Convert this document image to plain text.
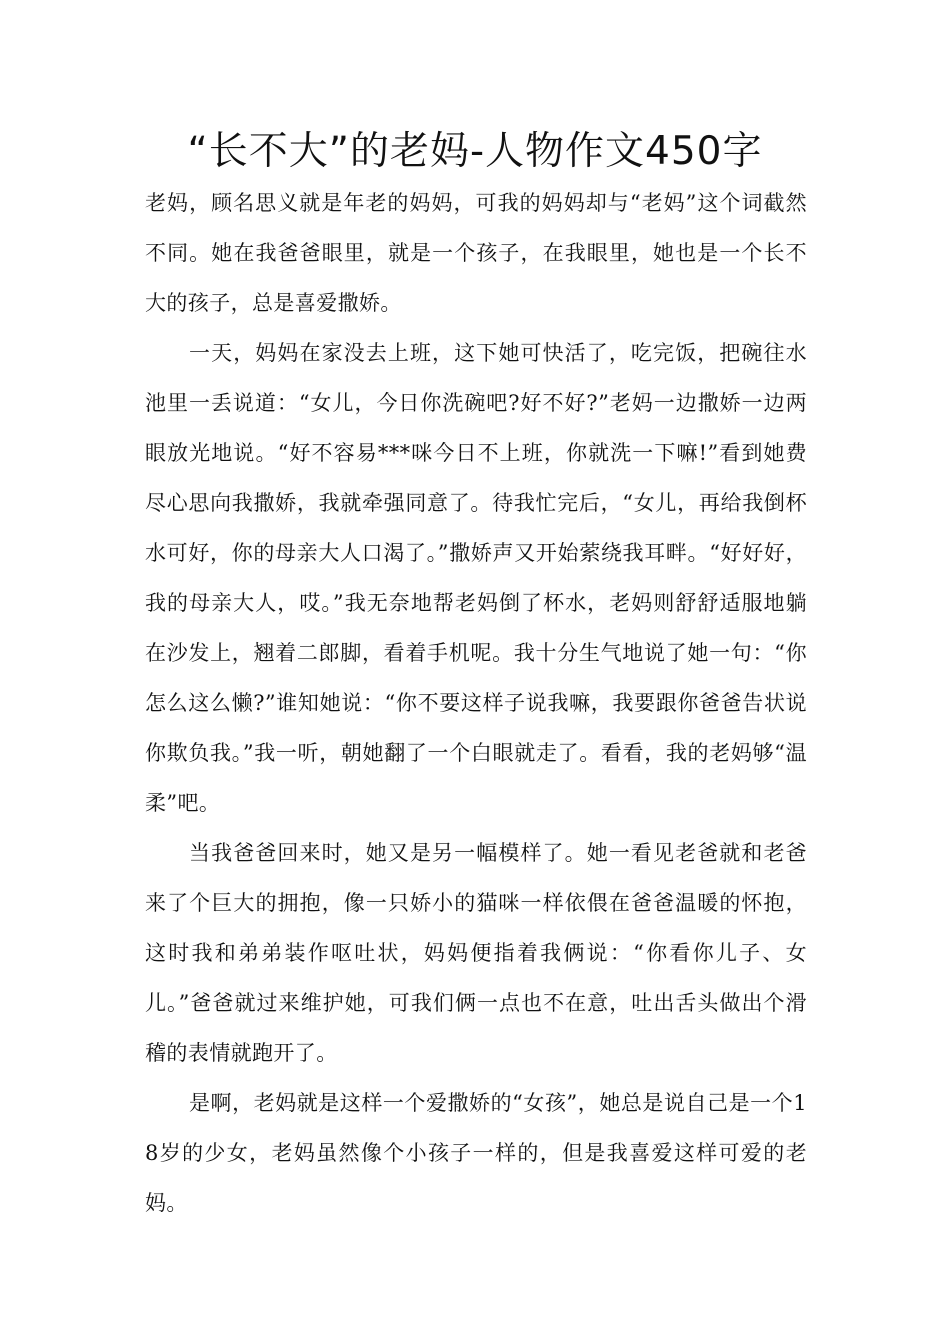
“长不大”的老妈-人物作文450字

老妈，顾名思义就是年老的妈妈，可我的妈妈却与“老妈”这个词截然不同。她在我爸爸眼里，就是一个孩子，在我眼里，她也是一个长不大的孩子，总是喜爱撒娇。

一天，妈妈在家没去上班，这下她可快活了，吃完饭，把碗往水池里一丢说道：“女儿，今日你洗碗吧?好不好?”老妈一边撒娇一边两眼放光地说。“好不容易***咪今日不上班，你就洗一下嘛!”看到她费尽心思向我撒娇，我就牵强同意了。待我忙完后，“女儿，再给我倒杯水可好，你的母亲大人口渴了。”撒娇声又开始萦绕我耳畔。“好好好，我的母亲大人，哎。”我无奈地帮老妈倒了杯水，老妈则舒舒适服地躺在沙发上，翘着二郎脚，看着手机呢。我十分生气地说了她一句：“你怎么这么懒?”谁知她说：“你不要这样子说我嘛，我要跟你爸爸告状说你欺负我。”我一听，朝她翻了一个白眼就走了。看看，我的老妈够“温柔”吧。

当我爸爸回来时，她又是另一幅模样了。她一看见老爸就和老爸来了个巨大的拥抱，像一只娇小的猫咪一样依偎在爸爸温暖的怀抱，这时我和弟弟装作呕吐状，妈妈便指着我俩说：“你看你儿子、女儿。”爸爸就过来维护她，可我们俩一点也不在意，吐出舌头做出个滑稽的表情就跑开了。

是啊，老妈就是这样一个爱撒娇的“女孩”，她总是说自己是一个18岁的少女，老妈虽然像个小孩子一样的，但是我喜爱这样可爱的老妈。
